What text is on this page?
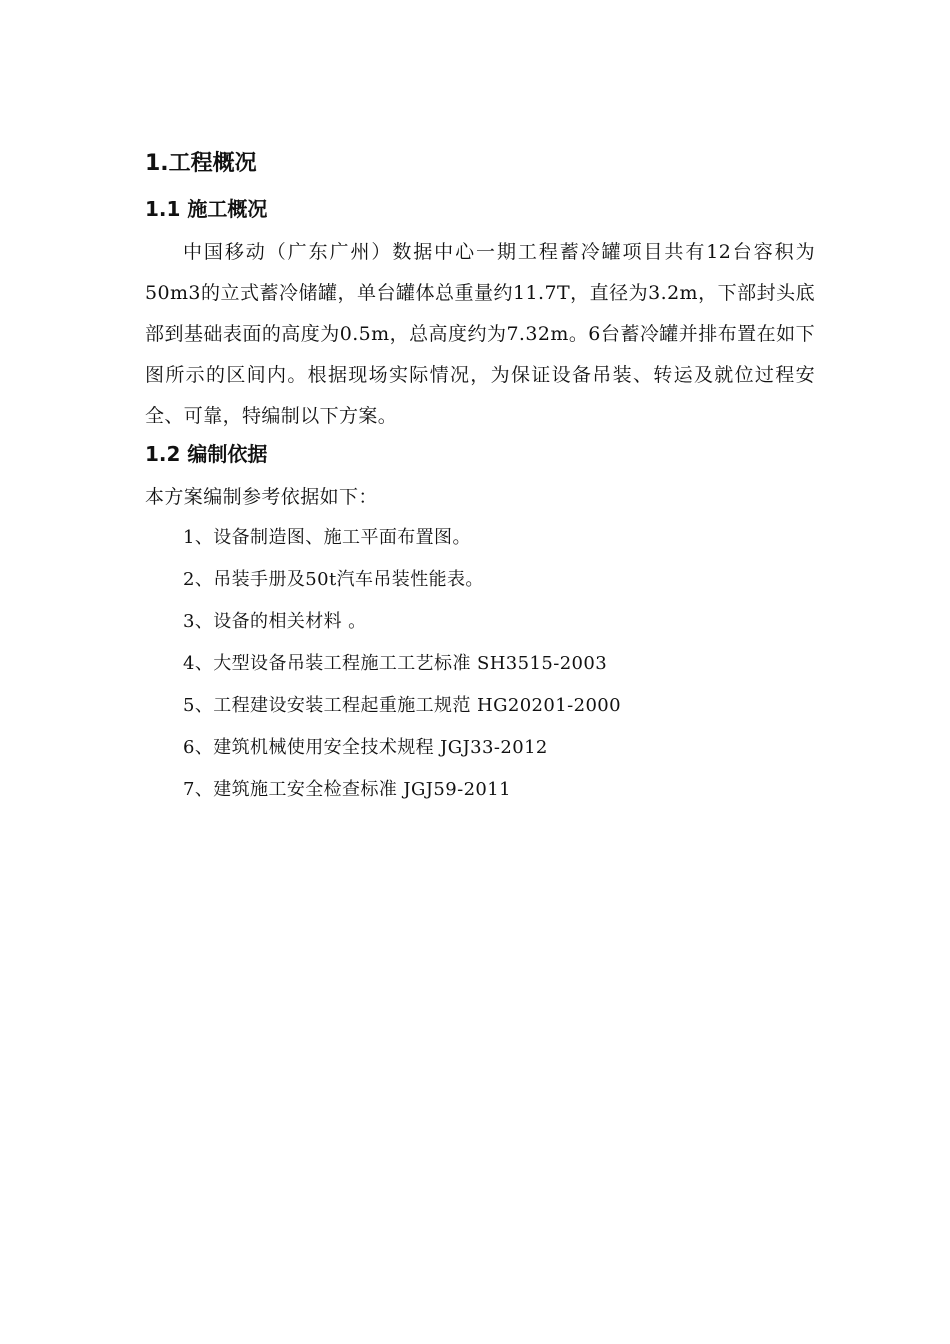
1.工程概况
1.1 施工概况

中国移动（广东广州）数据中心一期工程蓄冷罐项目共有12台容积为50m3的立式蓄冷储罐，单台罐体总重量约11.7T，直径为3.2m，下部封头底部到基础表面的高度为0.5m，总高度约为7.32m。6台蓄冷罐并排布置在如下图所示的区间内。根据现场实际情况，为保证设备吊装、转运及就位过程安全、可靠，特编制以下方案。

1.2 编制依据

本方案编制参考依据如下：

1、设备制造图、施工平面布置图。
2、吊装手册及50t汽车吊装性能表。
3、设备的相关材料 。
4、大型设备吊装工程施工工艺标准 SH3515-2003
5、工程建设安装工程起重施工规范 HG20201-2000
6、建筑机械使用安全技术规程 JGJ33-2012
7、建筑施工安全检查标准 JGJ59-2011
